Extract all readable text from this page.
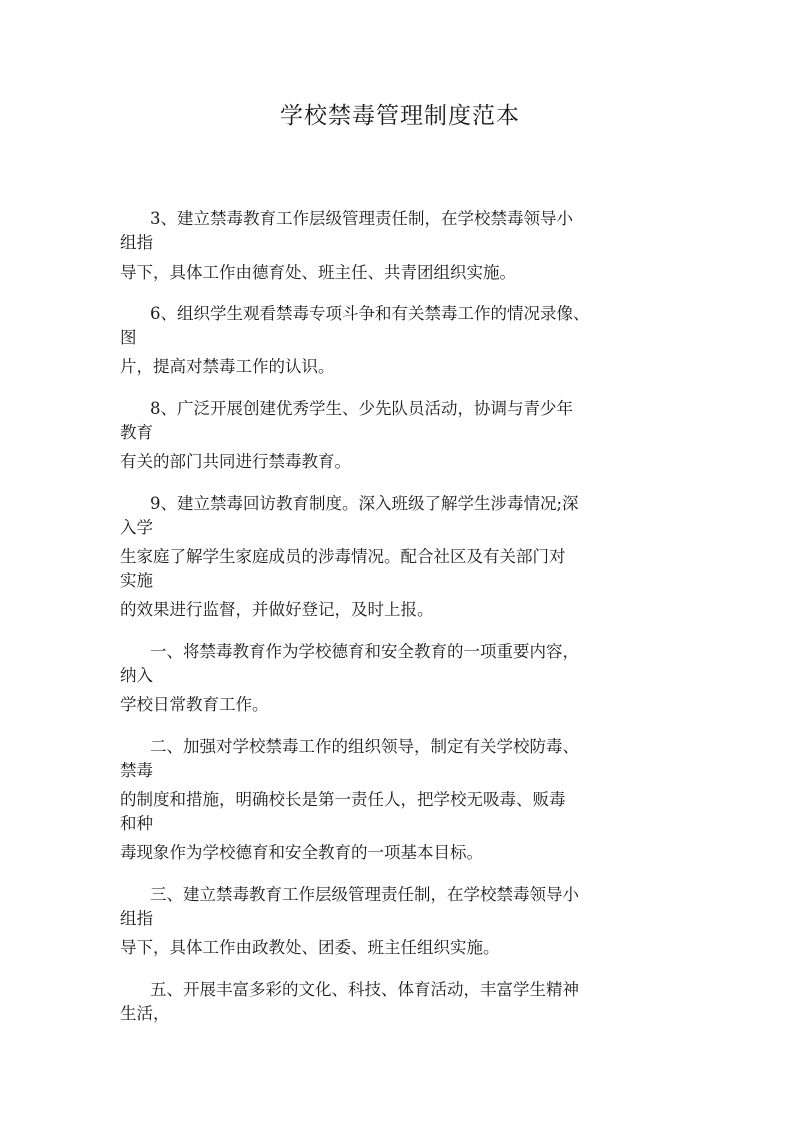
学校禁毒管理制度范本
3、建立禁毒教育工作层级管理责任制，在学校禁毒领导小
组指
导下，具体工作由德育处、班主任、共青团组织实施。
6、组织学生观看禁毒专项斗争和有关禁毒工作的情况录像、
图
片，提高对禁毒工作的认识。
8、广泛开展创建优秀学生、少先队员活动，协调与青少年
教育
有关的部门共同进行禁毒教育。
9、建立禁毒回访教育制度。深入班级了解学生涉毒情况;深
入学
生家庭了解学生家庭成员的涉毒情况。配合社区及有关部门对
实施
的效果进行监督，并做好登记，及时上报。
一、将禁毒教育作为学校德育和安全教育的一项重要内容，
纳入
学校日常教育工作。
二、加强对学校禁毒工作的组织领导，制定有关学校防毒、
禁毒
的制度和措施，明确校长是第一责任人，把学校无吸毒、贩毒
和种
毒现象作为学校德育和安全教育的一项基本目标。
三、建立禁毒教育工作层级管理责任制，在学校禁毒领导小
组指
导下，具体工作由政教处、团委、班主任组织实施。
五、开展丰富多彩的文化、科技、体育活动，丰富学生精神
生活，
